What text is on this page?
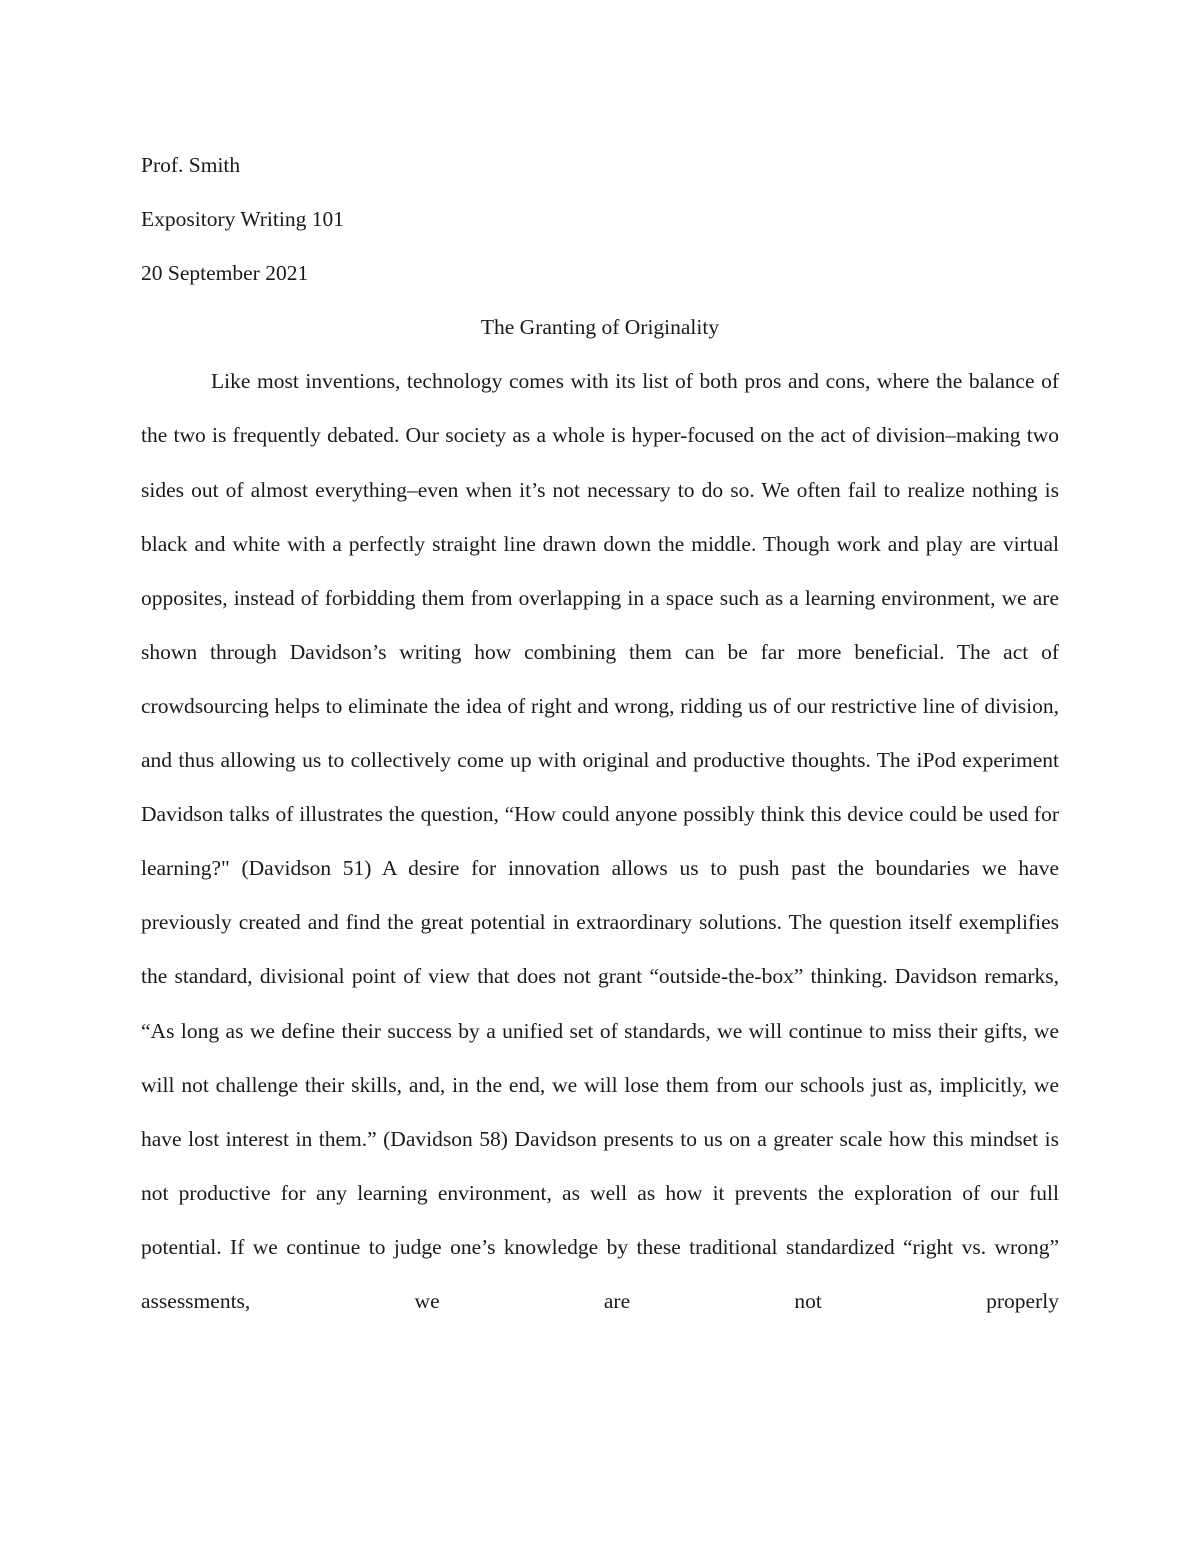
Prof. Smith

Expository Writing 101

20 September 2021

The Granting of Originality

Like most inventions, technology comes with its list of both pros and cons, where the balance of the two is frequently debated. Our society as a whole is hyper-focused on the act of division–making two sides out of almost everything–even when it’s not necessary to do so. We often fail to realize nothing is black and white with a perfectly straight line drawn down the middle. Though work and play are virtual opposites, instead of forbidding them from overlapping in a space such as a learning environment, we are shown through Davidson’s writing how combining them can be far more beneficial. The act of crowdsourcing helps to eliminate the idea of right and wrong, ridding us of our restrictive line of division, and thus allowing us to collectively come up with original and productive thoughts. The iPod experiment Davidson talks of illustrates the question, “How could anyone possibly think this device could be used for learning?" (Davidson 51) A desire for innovation allows us to push past the boundaries we have previously created and find the great potential in extraordinary solutions. The question itself exemplifies the standard, divisional point of view that does not grant “outside-the-box” thinking. Davidson remarks, “As long as we define their success by a unified set of standards, we will continue to miss their gifts, we will not challenge their skills, and, in the end, we will lose them from our schools just as, implicitly, we have lost interest in them.” (Davidson 58) Davidson presents to us on a greater scale how this mindset is not productive for any learning environment, as well as how it prevents the exploration of our full potential. If we continue to judge one’s knowledge by these traditional standardized “right vs. wrong” assessments, we are not properly
